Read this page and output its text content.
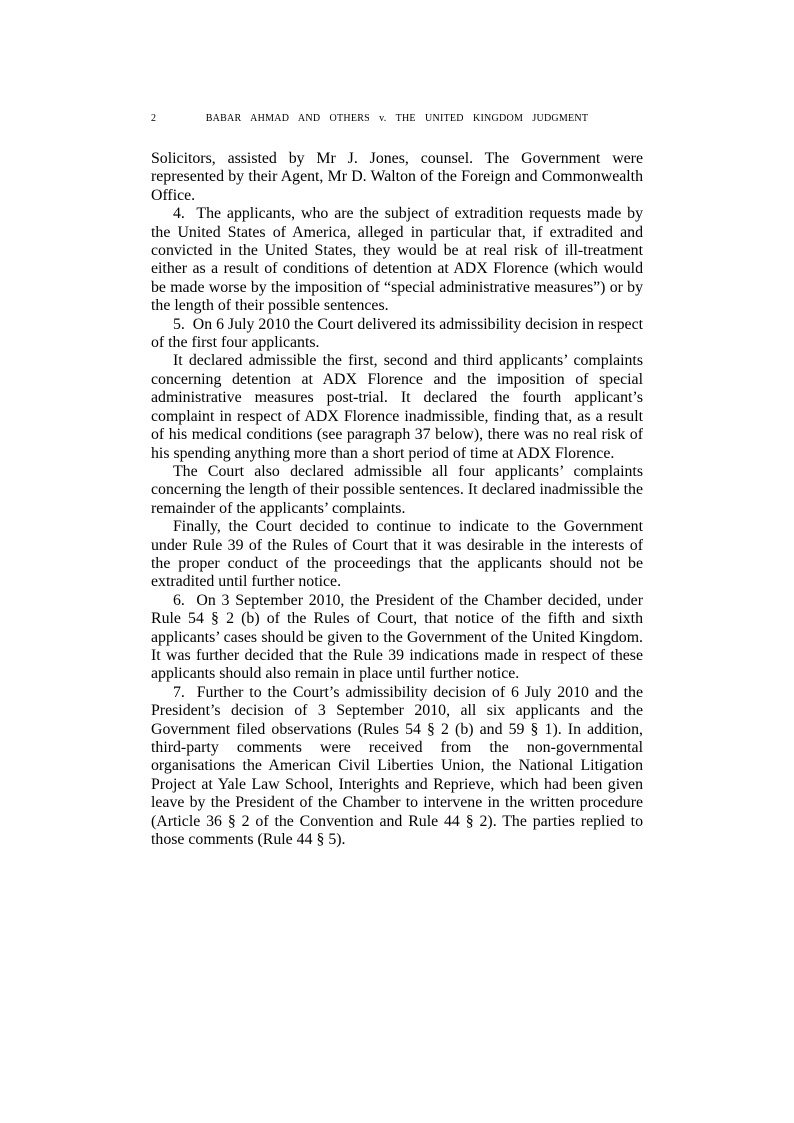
2	BABAR AHMAD AND OTHERS v. THE UNITED KINGDOM JUDGMENT

Solicitors, assisted by Mr J. Jones, counsel. The Government were represented by their Agent, Mr D. Walton of the Foreign and Commonwealth Office.

4.  The applicants, who are the subject of extradition requests made by the United States of America, alleged in particular that, if extradited and convicted in the United States, they would be at real risk of ill-treatment either as a result of conditions of detention at ADX Florence (which would be made worse by the imposition of “special administrative measures”) or by the length of their possible sentences.

5.  On 6 July 2010 the Court delivered its admissibility decision in respect of the first four applicants.

It declared admissible the first, second and third applicants’ complaints concerning detention at ADX Florence and the imposition of special administrative measures post-trial. It declared the fourth applicant’s complaint in respect of ADX Florence inadmissible, finding that, as a result of his medical conditions (see paragraph 37 below), there was no real risk of his spending anything more than a short period of time at ADX Florence.

The Court also declared admissible all four applicants’ complaints concerning the length of their possible sentences. It declared inadmissible the remainder of the applicants’ complaints.

Finally, the Court decided to continue to indicate to the Government under Rule 39 of the Rules of Court that it was desirable in the interests of the proper conduct of the proceedings that the applicants should not be extradited until further notice.

6.  On 3 September 2010, the President of the Chamber decided, under Rule 54 § 2 (b) of the Rules of Court, that notice of the fifth and sixth applicants’ cases should be given to the Government of the United Kingdom. It was further decided that the Rule 39 indications made in respect of these applicants should also remain in place until further notice.

7.  Further to the Court’s admissibility decision of 6 July 2010 and the President’s decision of 3 September 2010, all six applicants and the Government filed observations (Rules 54 § 2 (b) and 59 § 1). In addition, third-party comments were received from the non-governmental organisations the American Civil Liberties Union, the National Litigation Project at Yale Law School, Interights and Reprieve, which had been given leave by the President of the Chamber to intervene in the written procedure (Article 36 § 2 of the Convention and Rule 44 § 2). The parties replied to those comments (Rule 44 § 5).
